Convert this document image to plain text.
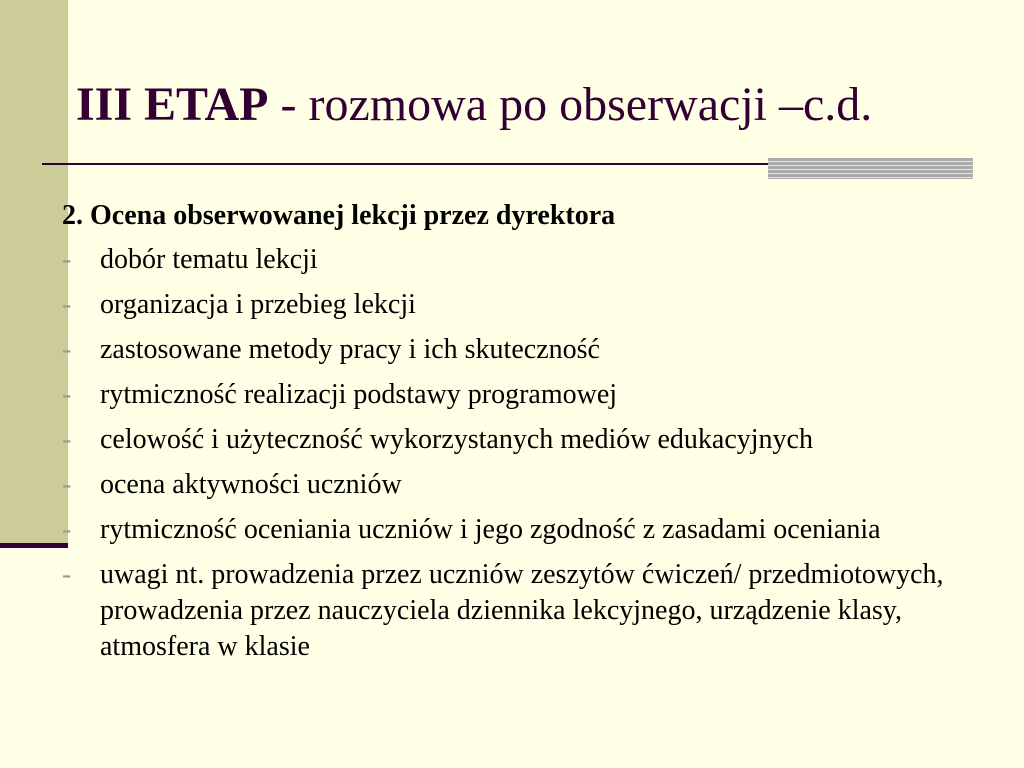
III ETAP - rozmowa po obserwacji –c.d.
2. Ocena obserwowanej lekcji przez dyrektora
- dobór tematu lekcji
- organizacja i przebieg lekcji
- zastosowane metody pracy i ich skuteczność
- rytmiczność realizacji podstawy programowej
- celowość i użyteczność wykorzystanych mediów edukacyjnych
- ocena aktywności uczniów
- rytmiczność oceniania uczniów i jego zgodność z zasadami oceniania
- uwagi nt. prowadzenia przez uczniów zeszytów ćwiczeń/ przedmiotowych, prowadzenia przez nauczyciela dziennika lekcyjnego, urządzenie klasy, atmosfera w klasie
